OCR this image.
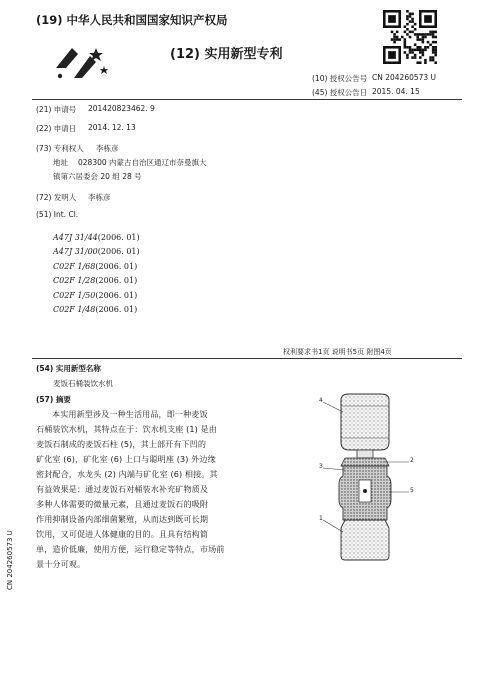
(19) 中华人民共和国国家知识产权局
(12) 实用新型专利
(10) 授权公告号 CN 204260573 U
(45) 授权公告日 2015. 04. 15
(21) 申请号 201420823462. 9
(22) 申请日 2014. 12. 13
(73) 专利权人 李栋彦
地址 028300 内蒙古自治区通辽市奈曼旗大
镇第六居委会 20 组 28 号
(72) 发明人 李栋彦
(51) Int. Cl.
A47J 31/44(2006. 01)
A47J 31/00(2006. 01)
C02F 1/68(2006. 01)
C02F 1/28(2006. 01)
C02F 1/50(2006. 01)
C02F 1/48(2006. 01)
权利要求书1页 说明书5页 附图4页
(54) 实用新型名称
麦饭石桶装饮水机
(57) 摘要
本实用新型涉及一种生活用品，即一种麦饭
石桶装饮水机，其特点在于：饮水机支座 (1) 是由
麦饭石制成的麦饭石柱 (5)，其上部开有下凹的
矿化室 (6)，矿化室 (6) 上口与聪明座 (3) 外边缘
密封配合，水龙头 (2) 内端与矿化室 (6) 相接。其
有益效果是：通过麦饭石对桶装水补充矿物质及
多种人体需要的微量元素，且通过麦饭石的吸附
作用抑制设备内部细菌繁殖，从而达到既可长期
饮用，又可促进人体健康的目的。且具有结构简
单，造价低廉，使用方便，运行稳定等特点，市场前
景十分可观。
4
3
2
5
1
CN 204260573 U
